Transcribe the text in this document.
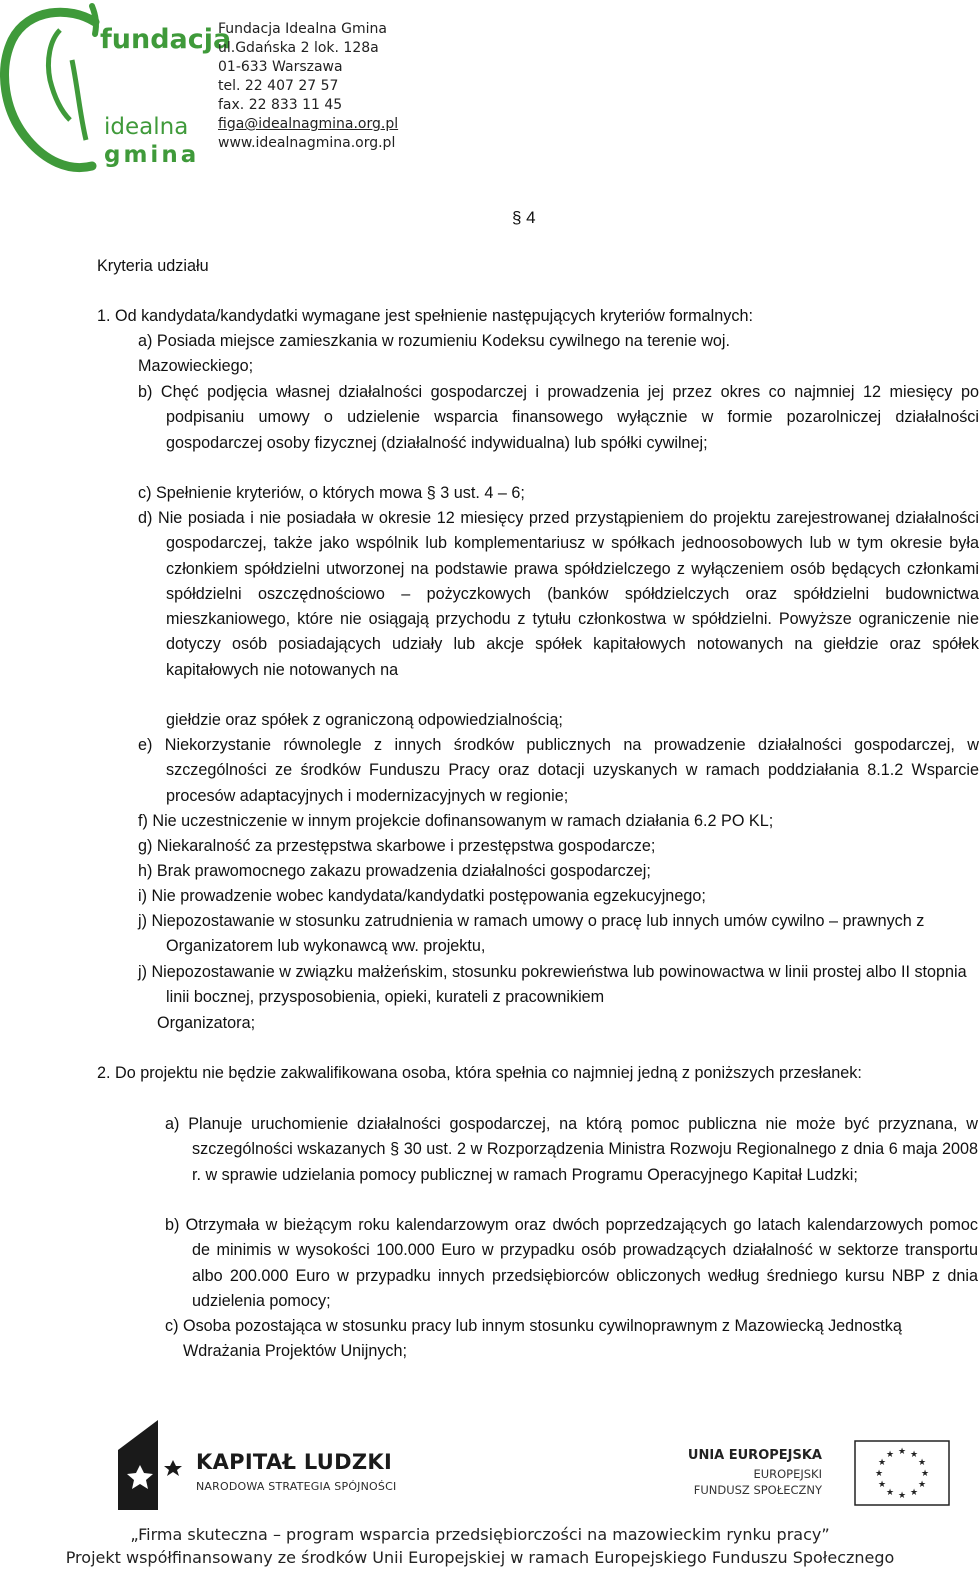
fundacja
idealna
gmina
Fundacja Idealna Gmina
ul.Gdańska 2 lok. 128a
01-633 Warszawa
tel. 22 407 27 57
fax. 22 833 11 45
figa@idealnagmina.org.pl
www.idealnagmina.org.pl
§ 4
Kryteria udziału
1. Od kandydata/kandydatki wymagane jest spełnienie następujących kryteriów formalnych:
a) Posiada miejsce zamieszkania w rozumieniu Kodeksu cywilnego na terenie woj.
Mazowieckiego;
b) Chęć podjęcia własnej działalności gospodarczej i prowadzenia jej przez okres co najmniej 12 miesięcy po podpisaniu umowy o udzielenie wsparcia finansowego wyłącznie w formie pozarolniczej działalności gospodarczej osoby fizycznej (działalność indywidualna) lub spółki cywilnej;
c) Spełnienie kryteriów, o których mowa § 3 ust. 4 – 6;
d) Nie posiada i nie posiadała w okresie 12 miesięcy przed przystąpieniem do projektu zarejestrowanej działalności gospodarczej, także jako wspólnik lub komplementariusz w spółkach jednoosobowych lub w tym okresie była członkiem spółdzielni utworzonej na podstawie prawa spółdzielczego z wyłączeniem osób będących członkami spółdzielni oszczędnościowo – pożyczkowych (banków spółdzielczych oraz spółdzielni budownictwa mieszkaniowego, które nie osiągają przychodu z tytułu członkostwa w spółdzielni. Powyższe ograniczenie nie dotyczy osób posiadających udziały lub akcje spółek kapitałowych notowanych na giełdzie oraz spółek kapitałowych nie notowanych na
giełdzie oraz spółek z ograniczoną odpowiedzialnością;
e) Niekorzystanie równolegle z innych środków publicznych na prowadzenie działalności gospodarczej, w szczególności ze środków Funduszu Pracy oraz dotacji uzyskanych w ramach poddziałania 8.1.2 Wsparcie procesów adaptacyjnych i modernizacyjnych w regionie;
f) Nie uczestniczenie w innym projekcie dofinansowanym w ramach działania 6.2 PO KL;
g) Niekaralność za przestępstwa skarbowe i przestępstwa gospodarcze;
h) Brak prawomocnego zakazu prowadzenia działalności gospodarczej;
i) Nie prowadzenie wobec kandydata/kandydatki postępowania egzekucyjnego;
j) Niepozostawanie w stosunku zatrudnienia w ramach umowy o pracę lub innych umów cywilno – prawnych z Organizatorem lub wykonawcą ww. projektu,
j) Niepozostawanie w związku małżeńskim, stosunku pokrewieństwa lub powinowactwa w linii prostej albo II stopnia linii bocznej, przysposobienia, opieki, kurateli z pracownikiem
Organizatora;
2. Do projektu nie będzie zakwalifikowana osoba, która spełnia co najmniej jedną z poniższych przesłanek:
a) Planuje uruchomienie działalności gospodarczej, na którą pomoc publiczna nie może być przyznana, w szczególności wskazanych § 30 ust. 2 w Rozporządzenia Ministra Rozwoju Regionalnego z dnia 6 maja 2008 r. w sprawie udzielania pomocy publicznej w ramach Programu Operacyjnego Kapitał Ludzki;
b) Otrzymała w bieżącym roku kalendarzowym oraz dwóch poprzedzających go latach kalendarzowych pomoc de minimis w wysokości 100.000 Euro w przypadku osób prowadzących działalność w sektorze transportu albo 200.000 Euro w przypadku innych przedsiębiorców obliczonych według średniego kursu NBP z dnia udzielenia pomocy;
c) Osoba pozostająca w stosunku pracy lub innym stosunku cywilnoprawnym z Mazowiecką Jednostką Wdrażania Projektów Unijnych;
KAPITAŁ LUDZKI
NARODOWA STRATEGIA SPÓJNOŚCI
UNIA EUROPEJSKA
EUROPEJSKI
FUNDUSZ SPOŁECZNY
★ ★
★
★
★
★
★
★
★
★
★
★
„Firma skuteczna – program wsparcia przedsiębiorczości na mazowieckim rynku pracy”
Projekt współfinansowany ze środków Unii Europejskiej w ramach Europejskiego Funduszu Społecznego
